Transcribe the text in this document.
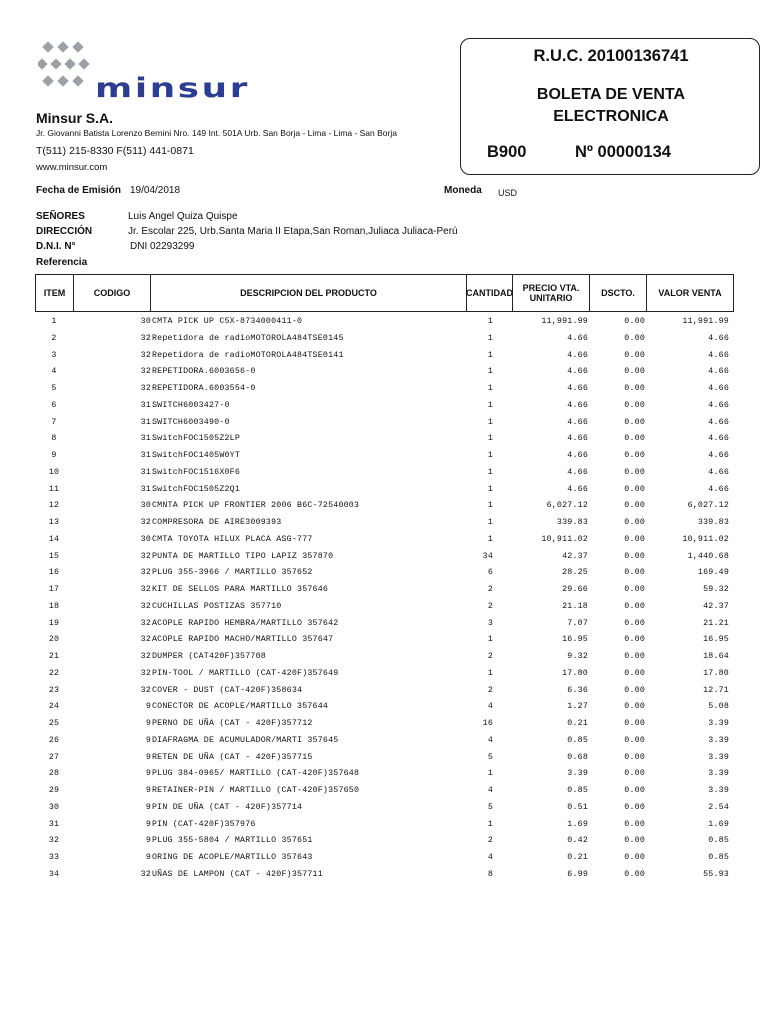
minsur
Minsur S.A.
Jr. Giovanni Batista Lorenzo Bernini Nro. 149 Int. 501A Urb. San Borja - Lima - Lima - San Borja
T(511) 215-8330 F(511) 441-0871
www.minsur.com
R.U.C. 20100136741
BOLETA DE VENTA
ELECTRONICA
B900	Nº 00000134
Fecha de Emisión 19/04/2018	Moneda USD
SEÑORES	Luis Angel Quiza Quispe
DIRECCIÓN	Jr. Escolar 225, Urb.Santa Maria II Etapa,San Roman,Juliaca Juliaca-Perú
D.N.I. N°	DNI 02293299
Referencia
ITEM	CODIGO	DESCRIPCION DEL PRODUCTO	CANTIDAD	PRECIO VTA. UNITARIO	DSCTO.	VALOR VENTA
1	30 CMTA PICK UP C5X-8734000411-0	1	11,991.99	0.00	11,991.99
2	32 Repetidora de radioMOTOROLA484TSE0145	1	4.66	0.00	4.66
3	32 Repetidora de radioMOTOROLA484TSE0141	1	4.66	0.00	4.66
4	32 REPETIDORA.6003656-0	1	4.66	0.00	4.66
5	32 REPETIDORA.6003554-0	1	4.66	0.00	4.66
6	31 SWITCH6003427-0	1	4.66	0.00	4.66
7	31 SWITCH6003490-0	1	4.66	0.00	4.66
8	31 SwitchFOC1505Z2LP	1	4.66	0.00	4.66
9	31 SwitchFOC1405W0YT	1	4.66	0.00	4.66
10	31 SwitchFOC1516X0F6	1	4.66	0.00	4.66
11	31 SwitchFOC1505Z2Q1	1	4.66	0.00	4.66
12	30 CMNTA PICK UP FRONTIER 2006 B6C-72540003	1	6,027.12	0.00	6,027.12
13	32 COMPRESORA DE AIRE3009393	1	339.83	0.00	339.83
14	30 CMTA TOYOTA HILUX PLACA ASG-777	1	10,911.02	0.00	10,911.02
15	32 PUNTA DE MARTILLO TIPO LAPIZ 357870	34	42.37	0.00	1,440.68
16	32 PLUG 355-3966 / MARTILLO 357652	6	28.25	0.00	169.49
17	32 KIT DE SELLOS PARA MARTILLO 357646	2	29.66	0.00	59.32
18	32 CUCHILLAS POSTIZAS 357710	2	21.18	0.00	42.37
19	32 ACOPLE RAPIDO HEMBRA/MARTILLO 357642	3	7.07	0.00	21.21
20	32 ACOPLE RAPIDO MACHO/MARTILLO 357647	1	16.95	0.00	16.95
21	32 DUMPER (CAT420F)357708	2	9.32	0.00	18.64
22	32 PIN-TOOL / MARTILLO (CAT-420F)357649	1	17.80	0.00	17.80
23	32 COVER - DUST (CAT-420F)358634	2	6.36	0.00	12.71
24	9 CONECTOR DE ACOPLE/MARTILLO 357644	4	1.27	0.00	5.08
25	9 PERNO DE UÑA (CAT - 420F)357712	16	0.21	0.00	3.39
26	9 DIAFRAGMA DE ACUMULADOR/MARTI 357645	4	0.85	0.00	3.39
27	9 RETEN DE UÑA (CAT - 420F)357715	5	0.68	0.00	3.39
28	9 PLUG 384-0965/ MARTILLO (CAT-420F)357648	1	3.39	0.00	3.39
29	9 RETAINER-PIN / MARTILLO (CAT-420F)357650	4	0.85	0.00	3.39
30	9 PIN DE UÑA (CAT - 420F)357714	5	0.51	0.00	2.54
31	9 PIN (CAT-420F)357976	1	1.69	0.00	1.69
32	9 PLUG 355-5804 / MARTILLO 357651	2	0.42	0.00	0.85
33	9 ORING DE ACOPLE/MARTILLO 357643	4	0.21	0.00	0.85
34	32 UÑAS DE LAMPON (CAT - 420F)357711	8	6.99	0.00	55.93
